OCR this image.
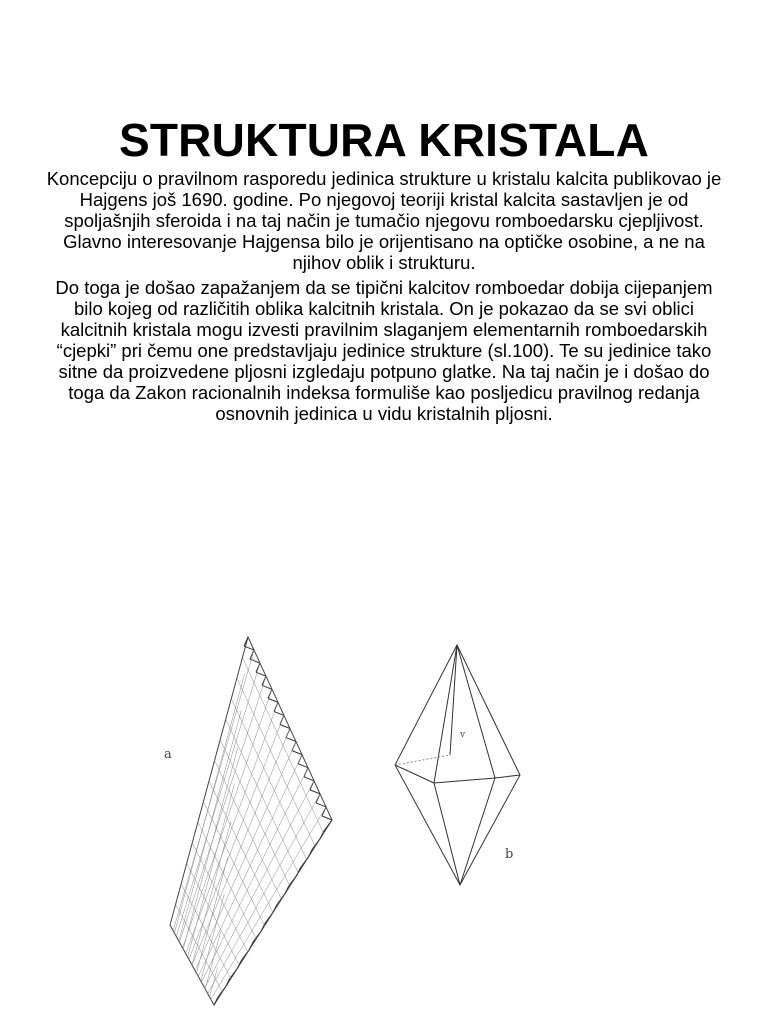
STRUKTURA KRISTALA

Koncepciju o pravilnom rasporedu jedinica strukture u kristalu kalcita publikovao je Hajgens još 1690. godine. Po njegovoj teoriji kristal kalcita sastavljen je od spoljašnjih sferoida i na taj način je tumačio njegovu romboedarsku cjepljivost. Glavno interesovanje Hajgensa bilo je orijentisano na optičke osobine, a ne na njihov oblik i strukturu.

Do toga je došao zapažanjem da se tipični kalcitov romboedar dobija cijepanjem bilo kojeg od različitih oblika kalcitnih kristala. On je pokazao da se svi oblici kalcitnih kristala mogu izvesti pravilnim slaganjem elementarnih romboedarskih “cjepki” pri čemu one predstavljaju jedinice strukture (sl.100). Te su jedinice tako sitne da proizvedene pljosni izgledaju potpuno glatke. Na taj način je i došao do toga da Zakon racionalnih indeksa formuliše kao posljedicu pravilnog redanja osnovnih jedinica u vidu kristalnih pljosni.

a
b
v
